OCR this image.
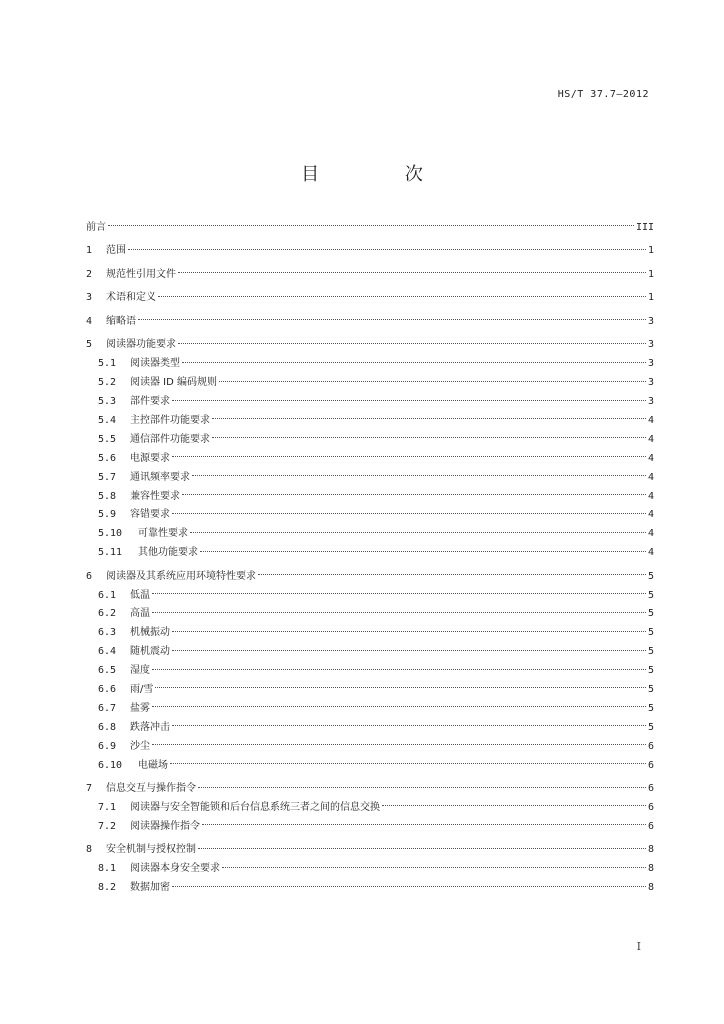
HS/T 37.7—2012
目 次
前言	III
1	范围	1
2	规范性引用文件	1
3	术语和定义	1
4	缩略语	3
5	阅读器功能要求	3
5.1	阅读器类型	3
5.2	阅读器 ID 编码规则	3
5.3	部件要求	3
5.4	主控部件功能要求	4
5.5	通信部件功能要求	4
5.6	电源要求	4
5.7	通讯频率要求	4
5.8	兼容性要求	4
5.9	容错要求	4
5.10	可靠性要求	4
5.11	其他功能要求	4
6	阅读器及其系统应用环境特性要求	5
6.1	低温	5
6.2	高温	5
6.3	机械振动	5
6.4	随机震动	5
6.5	湿度	5
6.6	雨/雪	5
6.7	盐雾	5
6.8	跌落冲击	5
6.9	沙尘	6
6.10	电磁场	6
7	信息交互与操作指令	6
7.1	阅读器与安全智能锁和后台信息系统三者之间的信息交换	6
7.2	阅读器操作指令	6
8	安全机制与授权控制	8
8.1	阅读器本身安全要求	8
8.2	数据加密	8
I
